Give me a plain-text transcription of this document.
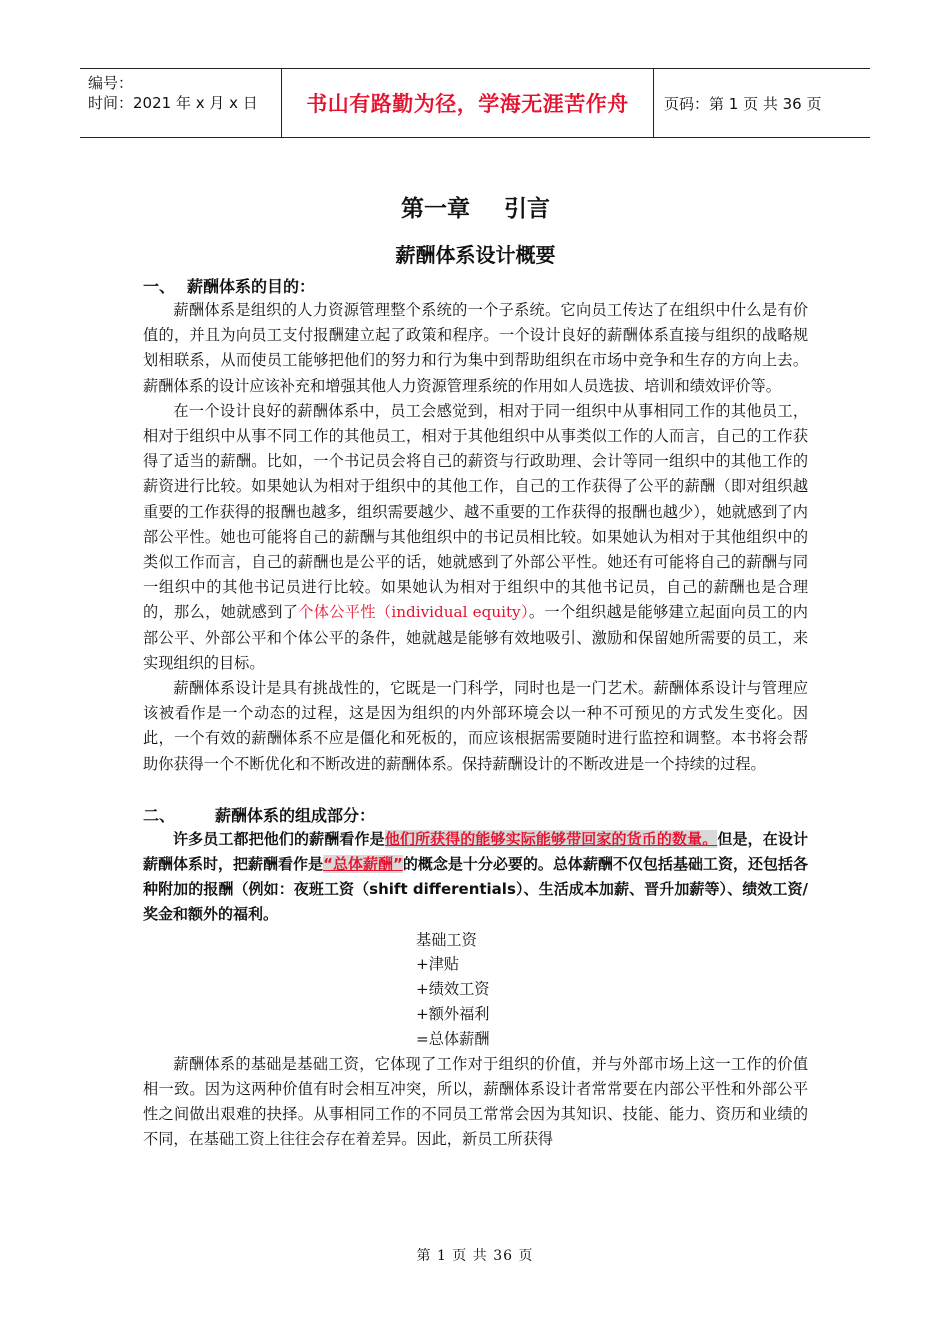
编号：
时间：2021 年 x 月 x 日	书山有路勤为径，学海无涯苦作舟 页码：第 1 页 共 36 页
第一章 引言
薪酬体系设计概要
一、 薪酬体系的目的：

薪酬体系是组织的人力资源管理整个系统的一个子系统。它向员工传达了在组织中什么是有价值的，并且为向员工支付报酬建立起了政策和程序。一个设计良好的薪酬体系直接与组织的战略规划相联系，从而使员工能够把他们的努力和行为集中到帮助组织在市场中竞争和生存的方向上去。薪酬体系的设计应该补充和增强其他人力资源管理系统的作用如人员选拔、培训和绩效评价等。

在一个设计良好的薪酬体系中，员工会感觉到，相对于同一组织中从事相同工作的其他员工，相对于组织中从事不同工作的其他员工，相对于其他组织中从事类似工作的人而言，自己的工作获得了适当的薪酬。比如，一个书记员会将自己的薪资与行政助理、会计等同一组织中的其他工作的薪资进行比较。如果她认为相对于组织中的其他工作，自己的工作获得了公平的薪酬（即对组织越重要的工作获得的报酬也越多，组织需要越少、越不重要的工作获得的报酬也越少），她就感到了内部公平性。她也可能将自己的薪酬与其他组织中的书记员相比较。如果她认为相对于其他组织中的类似工作而言，自己的薪酬也是公平的话，她就感到了外部公平性。她还有可能将自己的薪酬与同一组织中的其他书记员进行比较。如果她认为相对于组织中的其他书记员，自己的薪酬也是合理的，那么，她就感到了个体公平性（individual equity）。一个组织越是能够建立起面向员工的内部公平、外部公平和个体公平的条件，她就越是能够有效地吸引、激励和保留她所需要的员工，来实现组织的目标。

薪酬体系设计是具有挑战性的，它既是一门科学，同时也是一门艺术。薪酬体系设计与管理应该被看作是一个动态的过程，这是因为组织的内外部环境会以一种不可预见的方式发生变化。因此，一个有效的薪酬体系不应是僵化和死板的，而应该根据需要随时进行监控和调整。本书将会帮助你获得一个不断优化和不断改进的薪酬体系。保持薪酬设计的不断改进是一个持续的过程。

二、	薪酬体系的组成部分：

许多员工都把他们的薪酬看作是他们所获得的能够实际能够带回家的货币的数量。但是，在设计薪酬体系时，把薪酬看作是“总体薪酬”的概念是十分必要的。总体薪酬不仅包括基础工资，还包括各种附加的报酬（例如：夜班工资（shift differentials）、生活成本加薪、晋升加薪等）、绩效工资/奖金和额外的福利。

基础工资
+津贴
+绩效工资
+额外福利
=总体薪酬

薪酬体系的基础是基础工资，它体现了工作对于组织的价值，并与外部市场上这一工作的价值相一致。因为这两种价值有时会相互冲突，所以，薪酬体系设计者常常要在内部公平性和外部公平性之间做出艰难的抉择。从事相同工作的不同员工常常会因为其知识、技能、能力、资历和业绩的不同，在基础工资上往往会存在着差异。因此，新员工所获得

第 1 页 共 36 页
